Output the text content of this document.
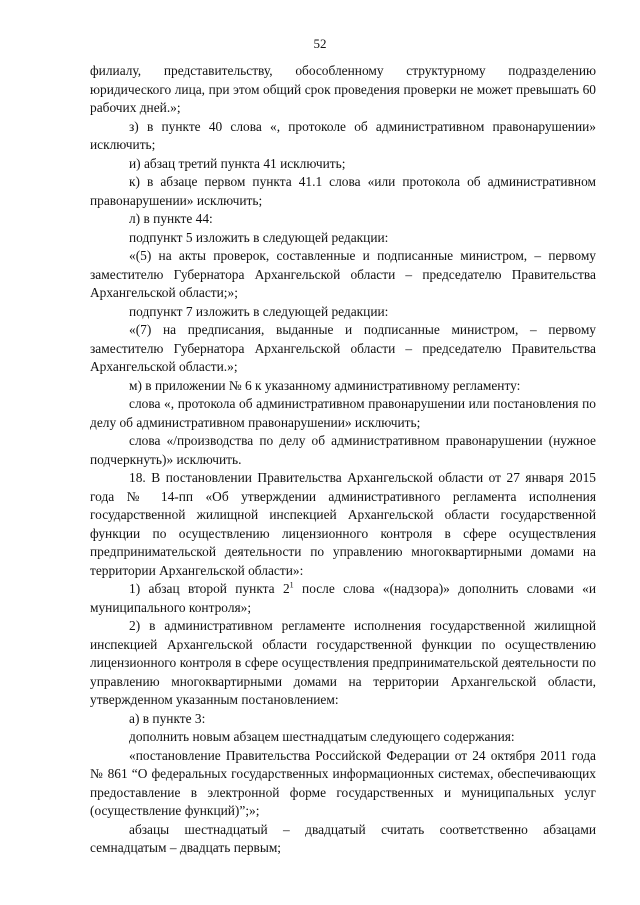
52

филиалу, представительству, обособленному структурному подразделению юридического лица, при этом общий срок проведения проверки не может превышать 60 рабочих дней.»;

з) в пункте 40 слова «, протоколе об административном правонарушении» исключить;

и) абзац третий пункта 41 исключить;

к) в абзаце первом пункта 41.1 слова «или протокола об административном правонарушении» исключить;

л) в пункте 44:

подпункт 5 изложить в следующей редакции:

«(5) на акты проверок, составленные и подписанные министром, – первому заместителю Губернатора Архангельской области – председателю Правительства Архангельской области;»;

подпункт 7 изложить в следующей редакции:

«(7) на предписания, выданные и подписанные министром, – первому заместителю Губернатора Архангельской области – председателю Правительства Архангельской области.»;

м) в приложении № 6 к указанному административному регламенту:

слова «, протокола об административном правонарушении или постановления по делу об административном правонарушении» исключить;

слова «/производства по делу об административном правонарушении (нужное подчеркнуть)» исключить.

18. В постановлении Правительства Архангельской области от 27 января 2015 года № 14-пп «Об утверждении административного регламента исполнения государственной жилищной инспекцией Архангельской области государственной функции по осуществлению лицензионного контроля в сфере осуществления предпринимательской деятельности по управлению многоквартирными домами на территории Архангельской области»:

1) абзац второй пункта $2^1$ после слова «(надзора)» дополнить словами «и муниципального контроля»;

2) в административном регламенте исполнения государственной жилищной инспекцией Архангельской области государственной функции по осуществлению лицензионного контроля в сфере осуществления предпринимательской деятельности по управлению многоквартирными домами на территории Архангельской области, утвержденном указанным постановлением:

а) в пункте 3:

дополнить новым абзацем шестнадцатым следующего содержания:

«постановление Правительства Российской Федерации от 24 октября 2011 года № 861 “О федеральных государственных информационных системах, обеспечивающих предоставление в электронной форме государственных и муниципальных услуг (осуществление функций)”;»;

абзацы шестнадцатый – двадцатый считать соответственно абзацами семнадцатым – двадцать первым;
